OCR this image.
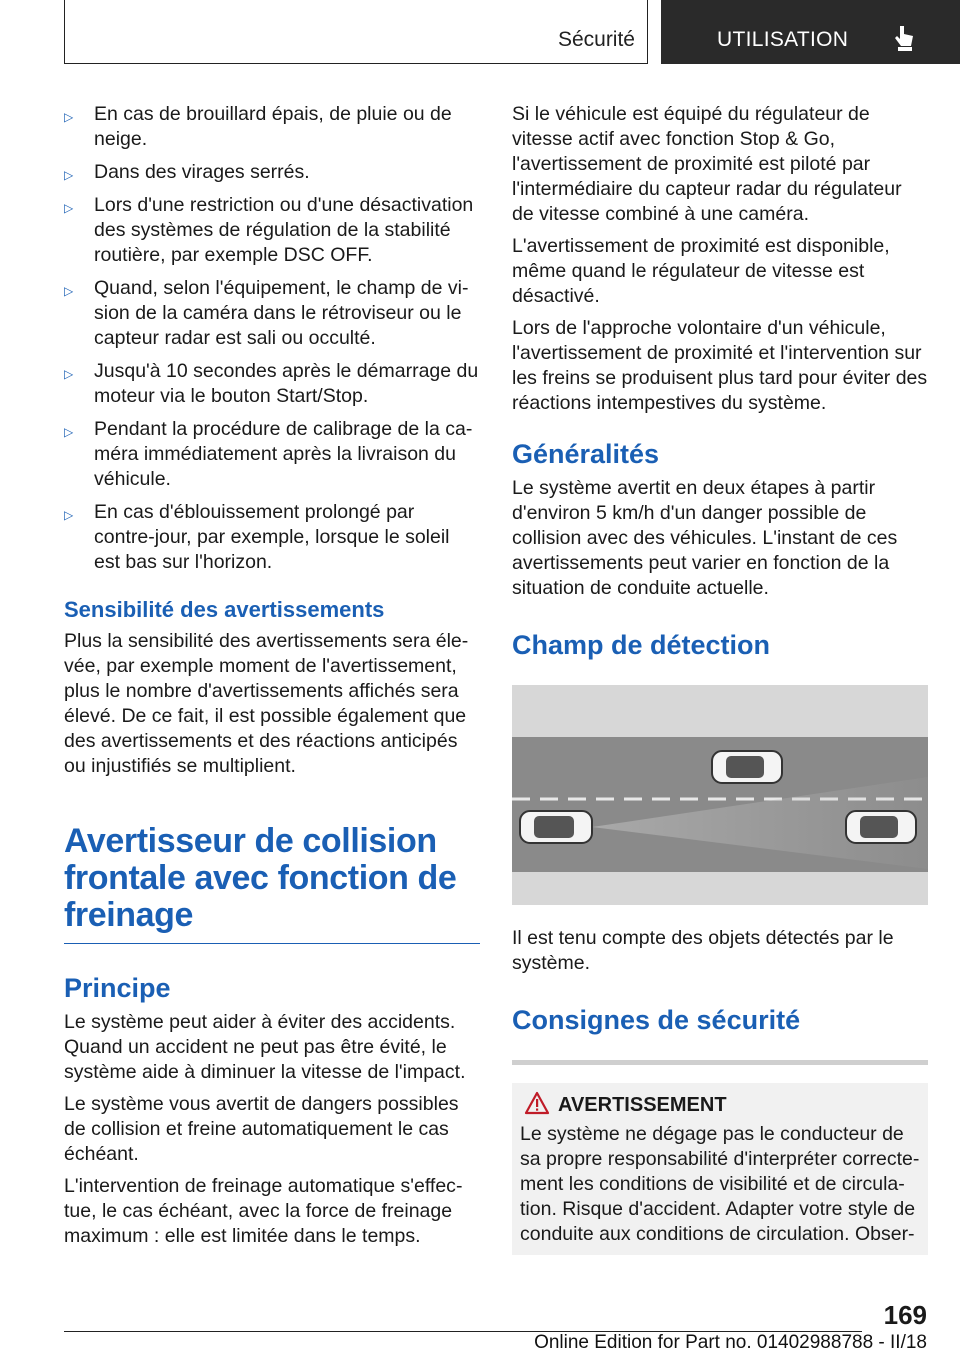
Sécurité	UTILISATION
▷ En cas de brouillard épais, de pluie ou de neige.
▷ Dans des virages serrés.
▷ Lors d'une restriction ou d'une désactivation des systèmes de régulation de la stabilité routière, par exemple DSC OFF.
▷ Quand, selon l'équipement, le champ de vision de la caméra dans le rétroviseur ou le capteur radar est sali ou occulté.
▷ Jusqu'à 10 secondes après le démarrage du moteur via le bouton Start/Stop.
▷ Pendant la procédure de calibrage de la caméra immédiatement après la livraison du véhicule.
▷ En cas d'éblouissement prolongé par contre-jour, par exemple, lorsque le soleil est bas sur l'horizon.
Sensibilité des avertissements

Plus la sensibilité des avertissements sera élevée, par exemple moment de l'avertissement, plus le nombre d'avertissements affichés sera élevé. De ce fait, il est possible également que des avertissements et des réactions anticipés ou injustifiés se multiplient.

Avertisseur de collision frontale avec fonction de freinage
Principe

Le système peut aider à éviter des accidents. Quand un accident ne peut pas être évité, le système aide à diminuer la vitesse de l'impact.

Le système vous avertit de dangers possibles de collision et freine automatiquement le cas échéant.

L'intervention de freinage automatique s'effectue, le cas échéant, avec la force de freinage maximum : elle est limitée dans le temps.

Si le véhicule est équipé du régulateur de vitesse actif avec fonction Stop & Go, l'avertissement de proximité est piloté par l'intermédiaire du capteur radar du régulateur de vitesse combiné à une caméra.

L'avertissement de proximité est disponible, même quand le régulateur de vitesse est désactivé.

Lors de l'approche volontaire d'un véhicule, l'avertissement de proximité et l'intervention sur les freins se produisent plus tard pour éviter des réactions intempestives du système.

Généralités

Le système avertit en deux étapes à partir d'environ 5 km/h d'un danger possible de collision avec des véhicules. L'instant de ces avertissements peut varier en fonction de la situation de conduite actuelle.

Champ de détection

Il est tenu compte des objets détectés par le système.

Consignes de sécurité
AVERTISSEMENT

Le système ne dégage pas le conducteur de sa propre responsabilité d'interpréter correctement les conditions de visibilité et de circulation. Risque d'accident. Adapter votre style de conduite aux conditions de circulation. Obser-

169
Online Edition for Part no. 01402988788 - II/18
